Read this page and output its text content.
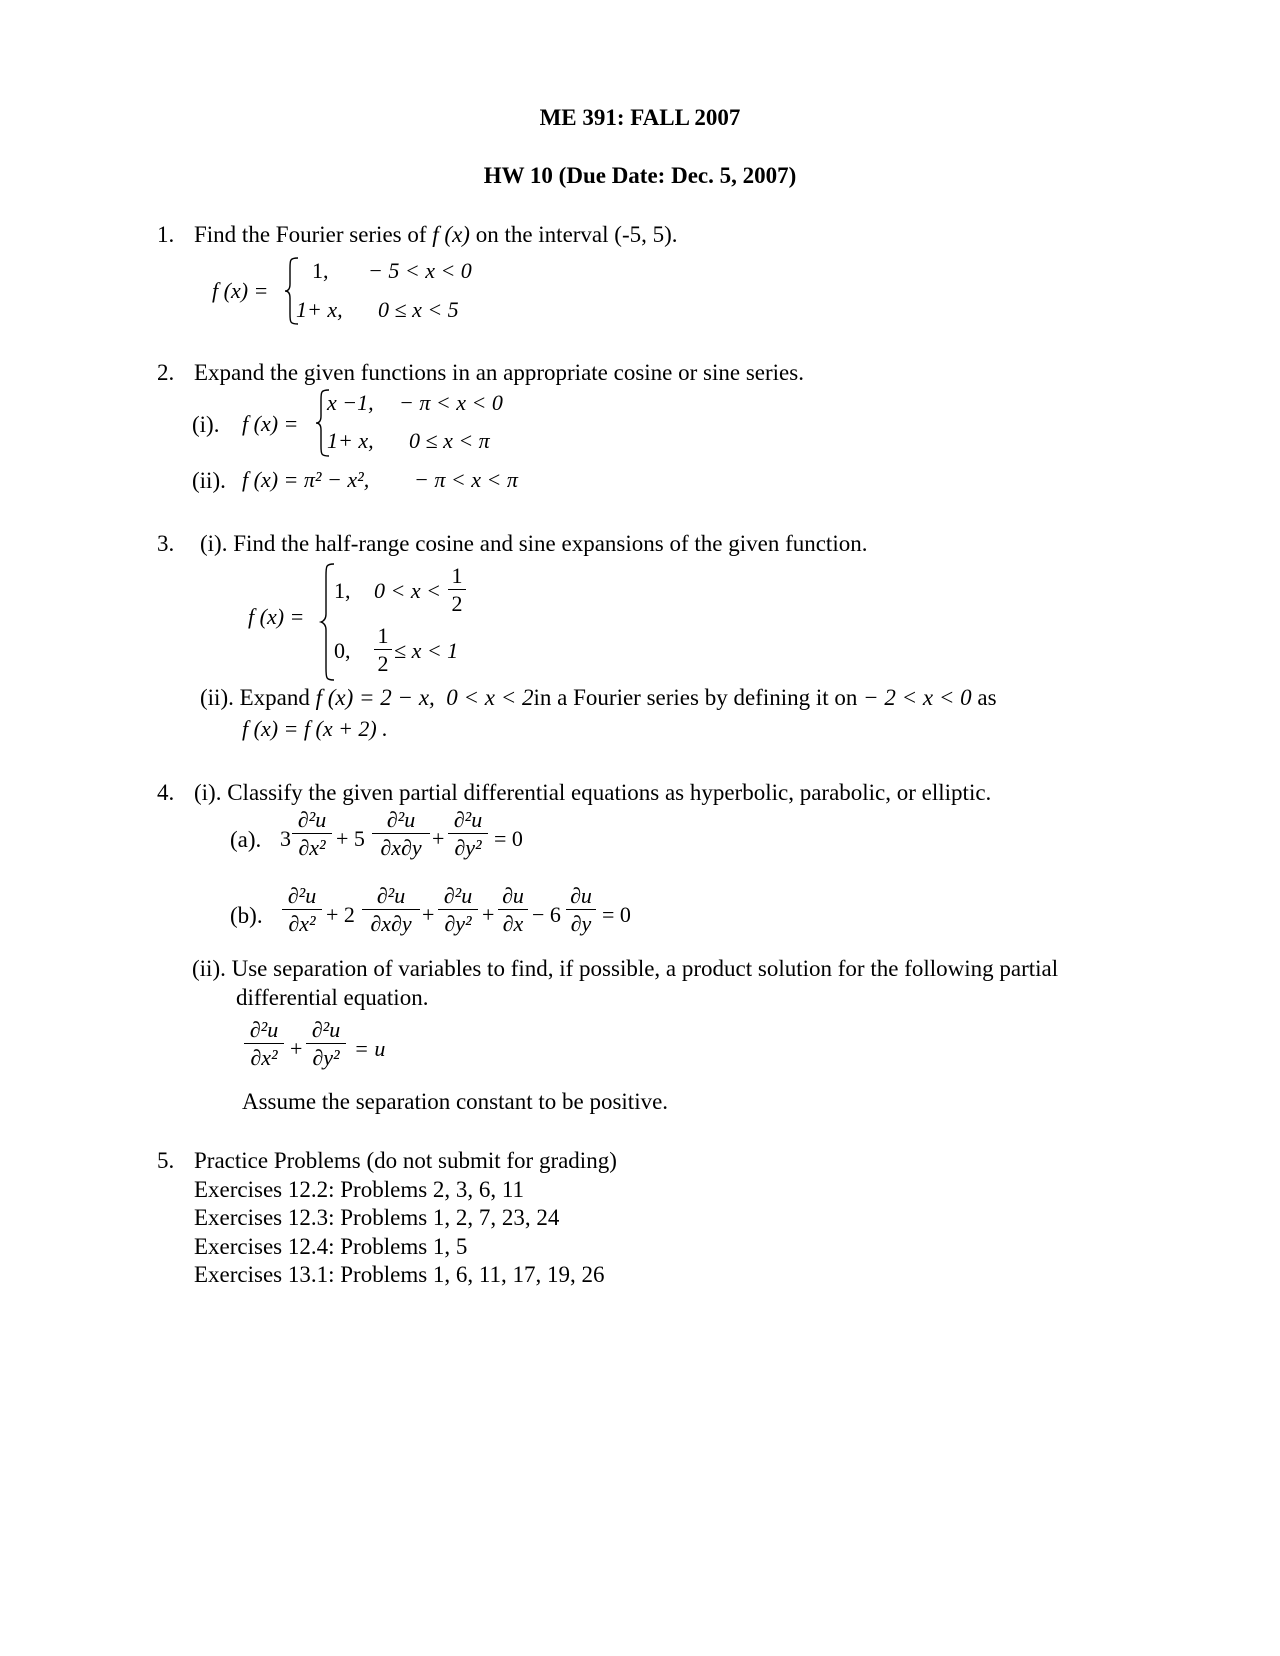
ME 391: FALL 2007
HW 10 (Due Date: Dec. 5, 2007)
1. Find the Fourier series of f (x) on the interval (-5, 5).
f (x) =
1, − 5 < x < 0
1+ x, 0 ≤ x < 5
2. Expand the given functions in an appropriate cosine or sine series.
(i). f (x) =
x −1, − π < x < 0
1+ x, 0 ≤ x < π
(ii). f (x) = π² − x², − π < x < π
3. (i). Find the half-range cosine and sine expansions of the given function.
f (x) =
1, 0 < x <
1
2
0,
1
2
≤ x < 1
(ii). Expand f (x) = 2 − x, 0 < x < 2in a Fourier series by defining it on − 2 < x < 0 as
f (x) = f (x + 2) .
4. (i). Classify the given partial differential equations as hyperbolic, parabolic, or elliptic.
(a). 3
∂²u
∂x² + 5
∂²u
∂x∂y +
∂²u
∂y² = 0
(b).
∂²u
∂x² + 2
∂²u
∂x∂y +
∂²u
∂y² +
∂u
∂x − 6
∂u
∂y = 0
(ii). Use separation of variables to find, if possible, a product solution for the following partial
differential equation.
∂²u
∂x² +
∂²u
∂y² = u
Assume the separation constant to be positive.
5. Practice Problems (do not submit for grading)
Exercises 12.2: Problems 2, 3, 6, 11
Exercises 12.3: Problems 1, 2, 7, 23, 24
Exercises 12.4: Problems 1, 5
Exercises 13.1: Problems 1, 6, 11, 17, 19, 26
